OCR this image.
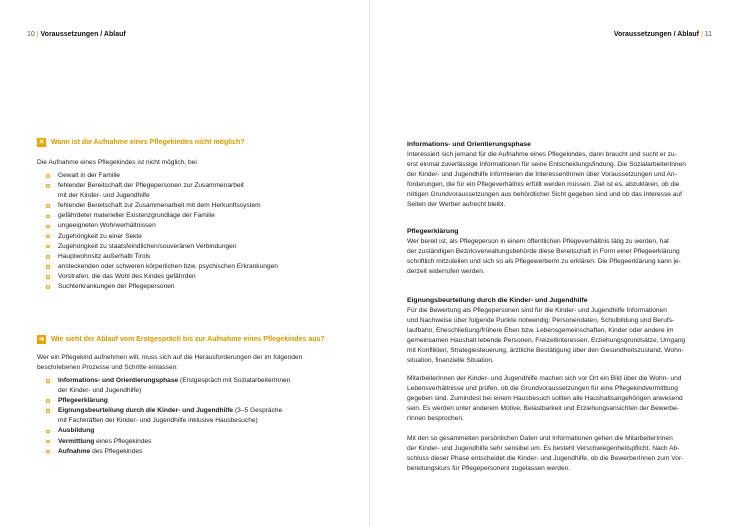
10 | Voraussetzungen / Ablauf	Voraussetzungen / Ablauf | 11
✕ Wann ist die Aufnahme eines Pflegekindes nicht möglich?
Die Aufnahme eines Pflegekindes ist nicht möglich, bei
Gewalt in der Familie
fehlender Bereitschaft der Pflegepersonen zur Zusammenarbeit
mit der Kinder- und Jugendhilfe
fehlender Bereitschaft zur Zusammenarbeit mit dem Herkunftssystem
gefährdeter materieller Existenzgrundlage der Familie
ungeeigneten Wohnverhältnissen
Zugehörigkeit zu einer Sekte
Zugehörigkeit zu staatsfeindlichen/souveränen Verbindungen
Hauptwohnsitz außerhalb Tirols
ansteckenden oder schweren körperlichen bzw. psychischen Erkrankungen
Vorstrafen, die das Wohl des Kindes gefährden
Suchterkrankungen der Pflegepersonen
➜ Wie sieht der Ablauf vom Erstgespräch bis zur Aufnahme eines Pflegekindes aus?
Wer ein Pflegekind aufnehmen will, muss sich auf die Herausforderungen der im folgenden
beschriebenen Prozesse und Schritte einlassen:
Informations- und Orientierungsphase (Erstgespräch mit SozialarbeiterInnen
der Kinder- und Jugendhilfe)
Pflegeerklärung
Eignungsbeurteilung durch die Kinder- und Jugendhilfe (3–5 Gespräche
mit Fachkräften der Kinder- und Jugendhilfe inklusive Hausbesuche)
Ausbildung
Vermittlung eines Pflegekindes
Aufnahme des Pflegekindes
Informations- und Orientierungsphase

Interessiert sich jemand für die Aufnahme eines Pflegekindes, dann braucht und sucht er zu-
erst einmal zuverlässige Informationen für seine Entscheidungsfindung. Die SozialarbeiterInnen
der Kinder- und Jugendhilfe informieren die InteressentInnen über Voraussetzungen und An-
forderungen, die für ein Pflegeverhältnis erfüllt werden müssen. Ziel ist es, abzuklären, ob die
nötigen Grundvoraussetzungen aus behördlicher Sicht gegeben sind und ob das Interesse auf
Seiten der Werber aufrecht bleibt.

Pflegeerklärung

Wer bereit ist, als Pflegeperson in einem öffentlichen Pflegeverhältnis tätig zu werden, hat
der zuständigen Bezirksverwaltungsbehörde diese Bereitschaft in Form einer Pflegeerklärung
schriftlich mitzuteilen und sich so als PflegewerberIn zu erklären. Die Pflegeerklärung kann je-
derzeit widerrufen werden.

Eignungsbeurteilung durch die Kinder- und Jugendhilfe

Für die Bewertung als Pflegepersonen sind für die Kinder- und Jugendhilfe Informationen
und Nachweise über folgende Punkte notwendig: Personendaten, Schulbildung und Berufs-
laufbahn, Eheschließung/frühere Ehen bzw. Lebensgemeinschaften, Kinder oder andere im
gemeinsamen Haushalt lebende Personen, Freizeitinteressen, Erziehungsgrundsätze, Umgang
mit Konflikten, Strategiesteuerung, ärztliche Bestätigung über den Gesundheitszustand, Wohn-
situation, finanzielle Situation.

MitarbeiterInnen der Kinder- und Jugendhilfe machen sich vor Ort ein Bild über die Wohn- und
Lebensverhältnisse und prüfen, ob die Grundvoraussetzungen für eine Pflegekindvermittlung
gegeben sind. Zumindest bei einem Hausbesuch sollten alle Haushaltsangehörigen anwesend
sein. Es werden unter anderem Motive, Belastbarkeit und Erziehungsansichten der Bewerbe-
rInnen besprochen.

Mit den so gesammelten persönlichen Daten und Informationen gehen die MitarbeiterInnen
der Kinder- und Jugendhilfe sehr sensibel um. Es besteht Verschwiegenheitspflicht. Nach Ab-
schluss dieser Phase entscheidet die Kinder- und Jugendhilfe, ob die BewerberInnen zum Vor-
bereitungskurs für PflegepersonenI zugelassen werden.
